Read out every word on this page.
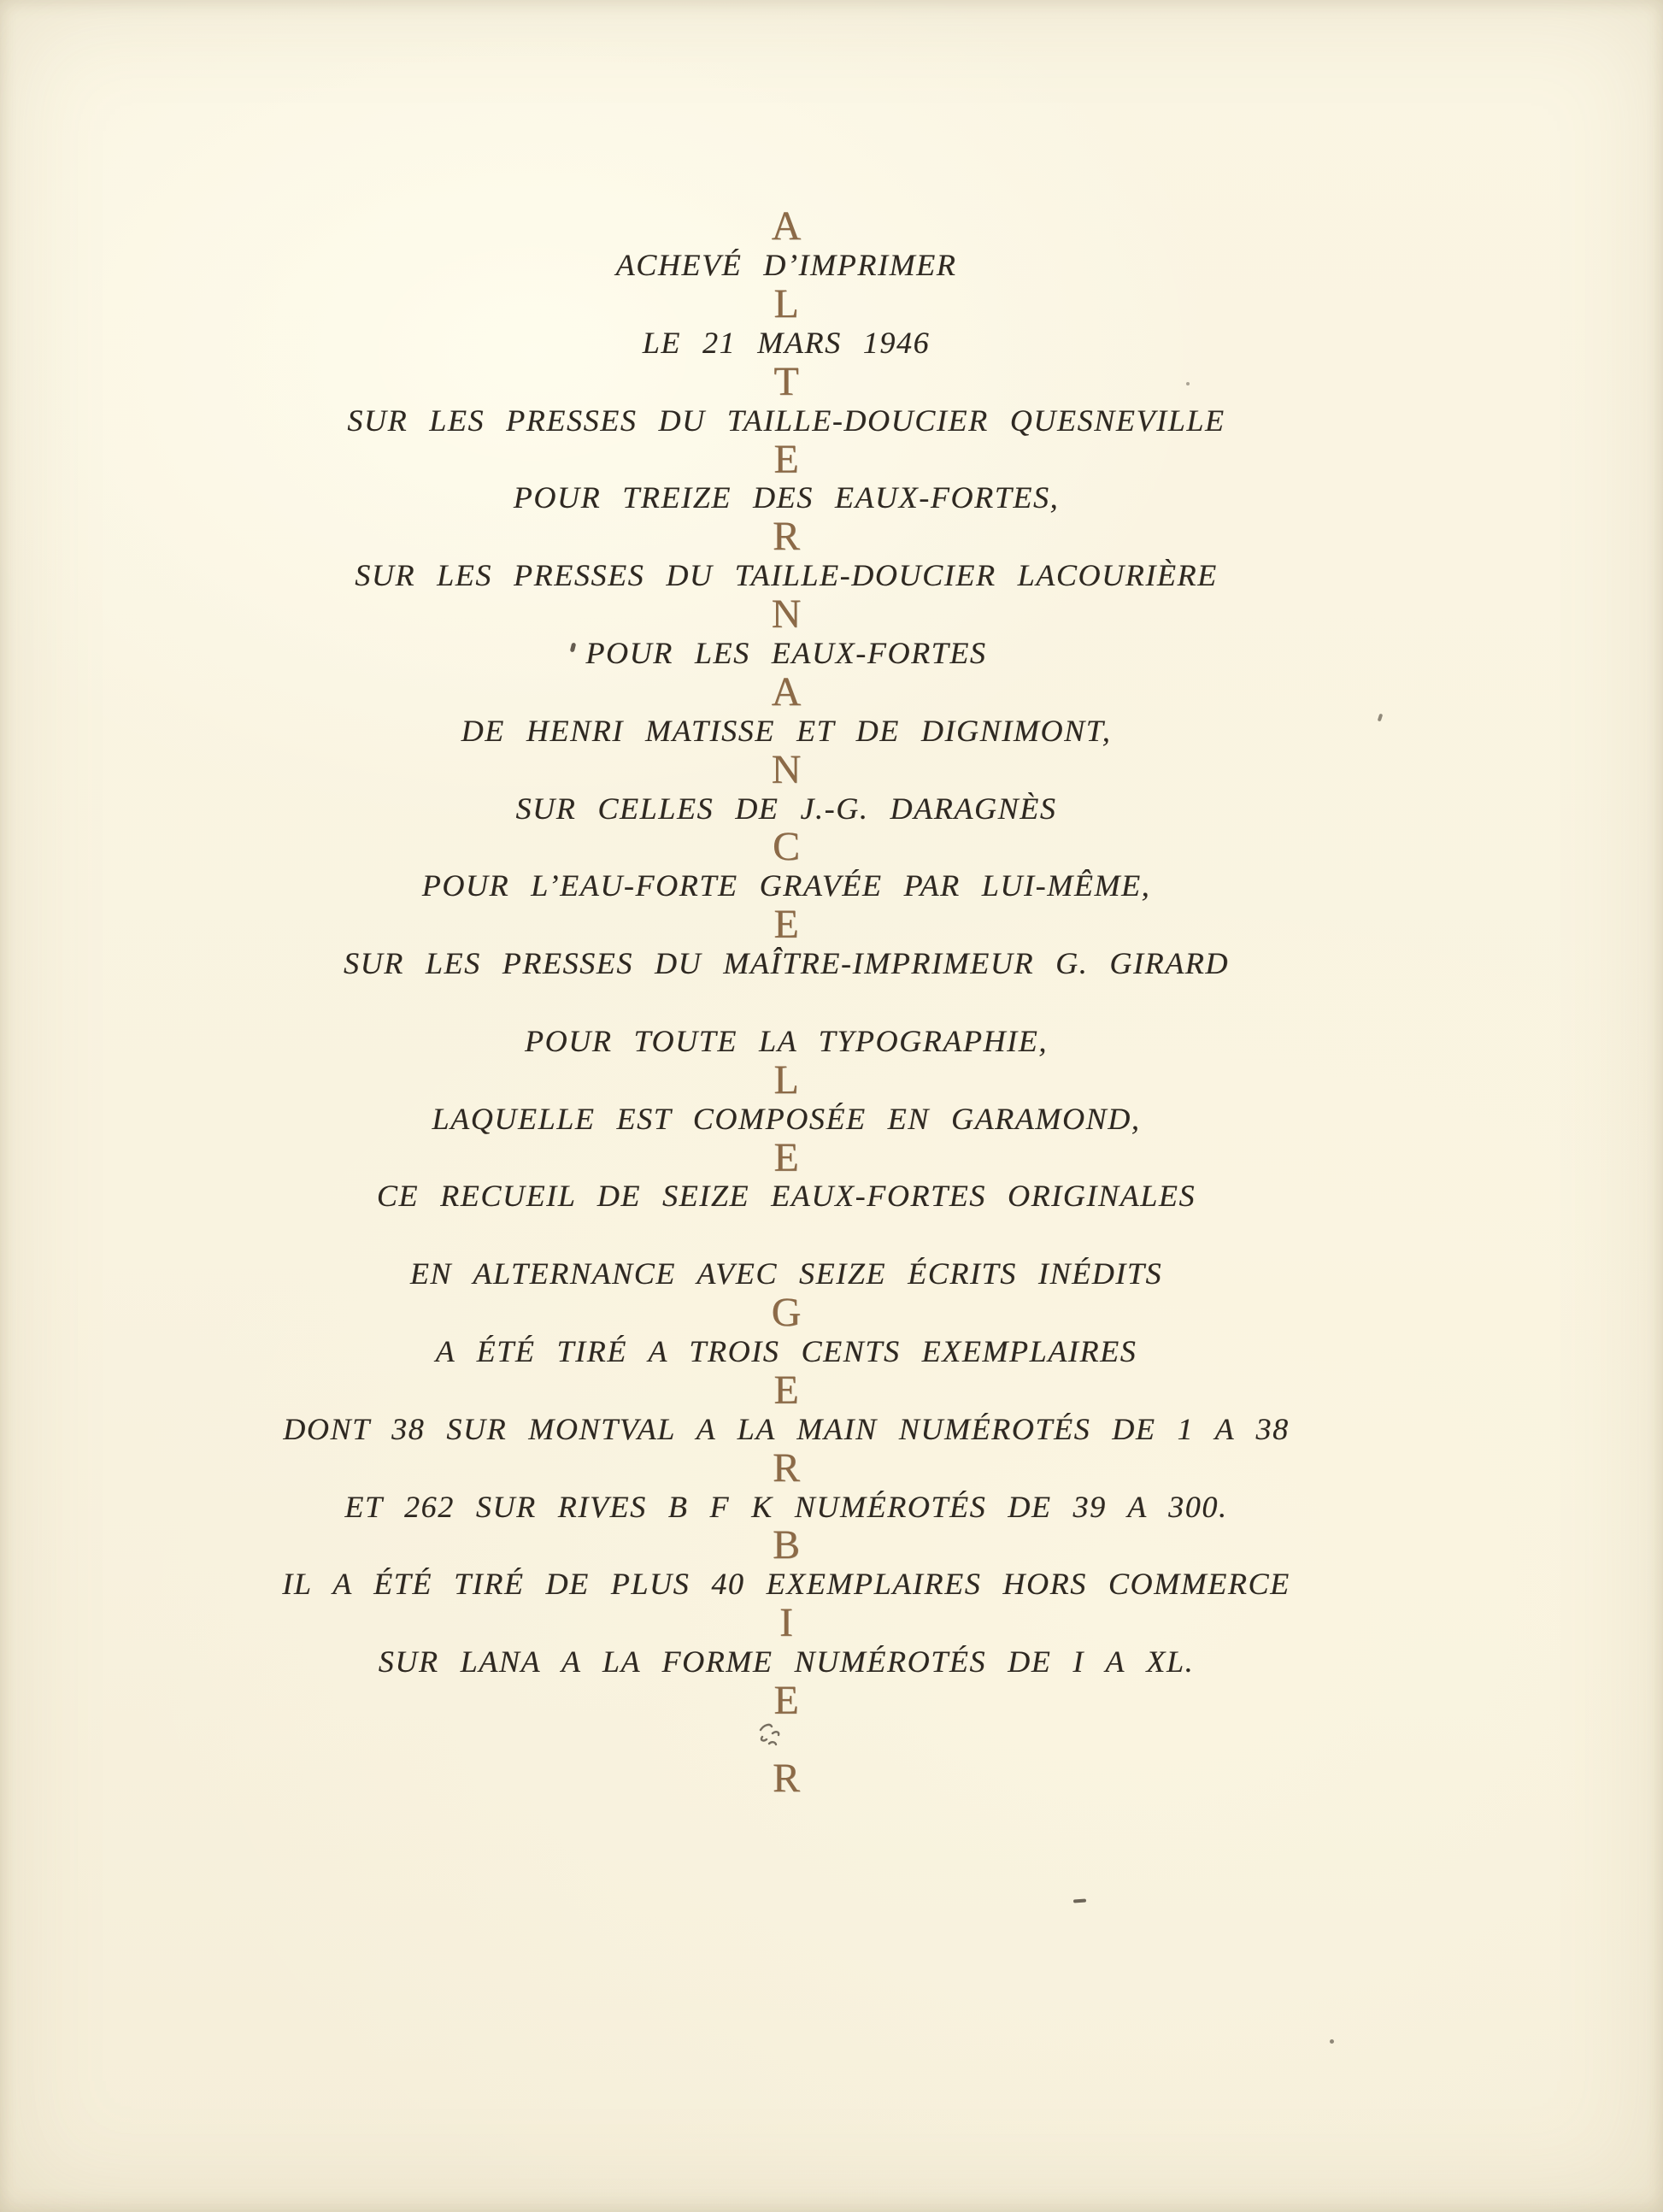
A
ACHEVÉ D’IMPRIMER
L
LE 21 MARS 1946
T
SUR LES PRESSES DU TAILLE-DOUCIER QUESNEVILLE
E
POUR TREIZE DES EAUX-FORTES,
R
SUR LES PRESSES DU TAILLE-DOUCIER LACOURIÈRE
N
POUR LES EAUX-FORTES
A
DE HENRI MATISSE ET DE DIGNIMONT,
N
SUR CELLES DE J.-G. DARAGNÈS
C
POUR L’EAU-FORTE GRAVÉE PAR LUI-MÊME,
E
SUR LES PRESSES DU MAÎTRE-IMPRIMEUR G. GIRARD
POUR TOUTE LA TYPOGRAPHIE,
L
LAQUELLE EST COMPOSÉE EN GARAMOND,
E
CE RECUEIL DE SEIZE EAUX-FORTES ORIGINALES
EN ALTERNANCE AVEC SEIZE ÉCRITS INÉDITS
G
A ÉTÉ TIRÉ A TROIS CENTS EXEMPLAIRES
E
DONT 38 SUR MONTVAL A LA MAIN NUMÉROTÉS DE 1 A 38
R
ET 262 SUR RIVES B F K NUMÉROTÉS DE 39 A 300.
B
IL A ÉTÉ TIRÉ DE PLUS 40 EXEMPLAIRES HORS COMMERCE
I
SUR LANA A LA FORME NUMÉROTÉS DE I A XL.
E
R
